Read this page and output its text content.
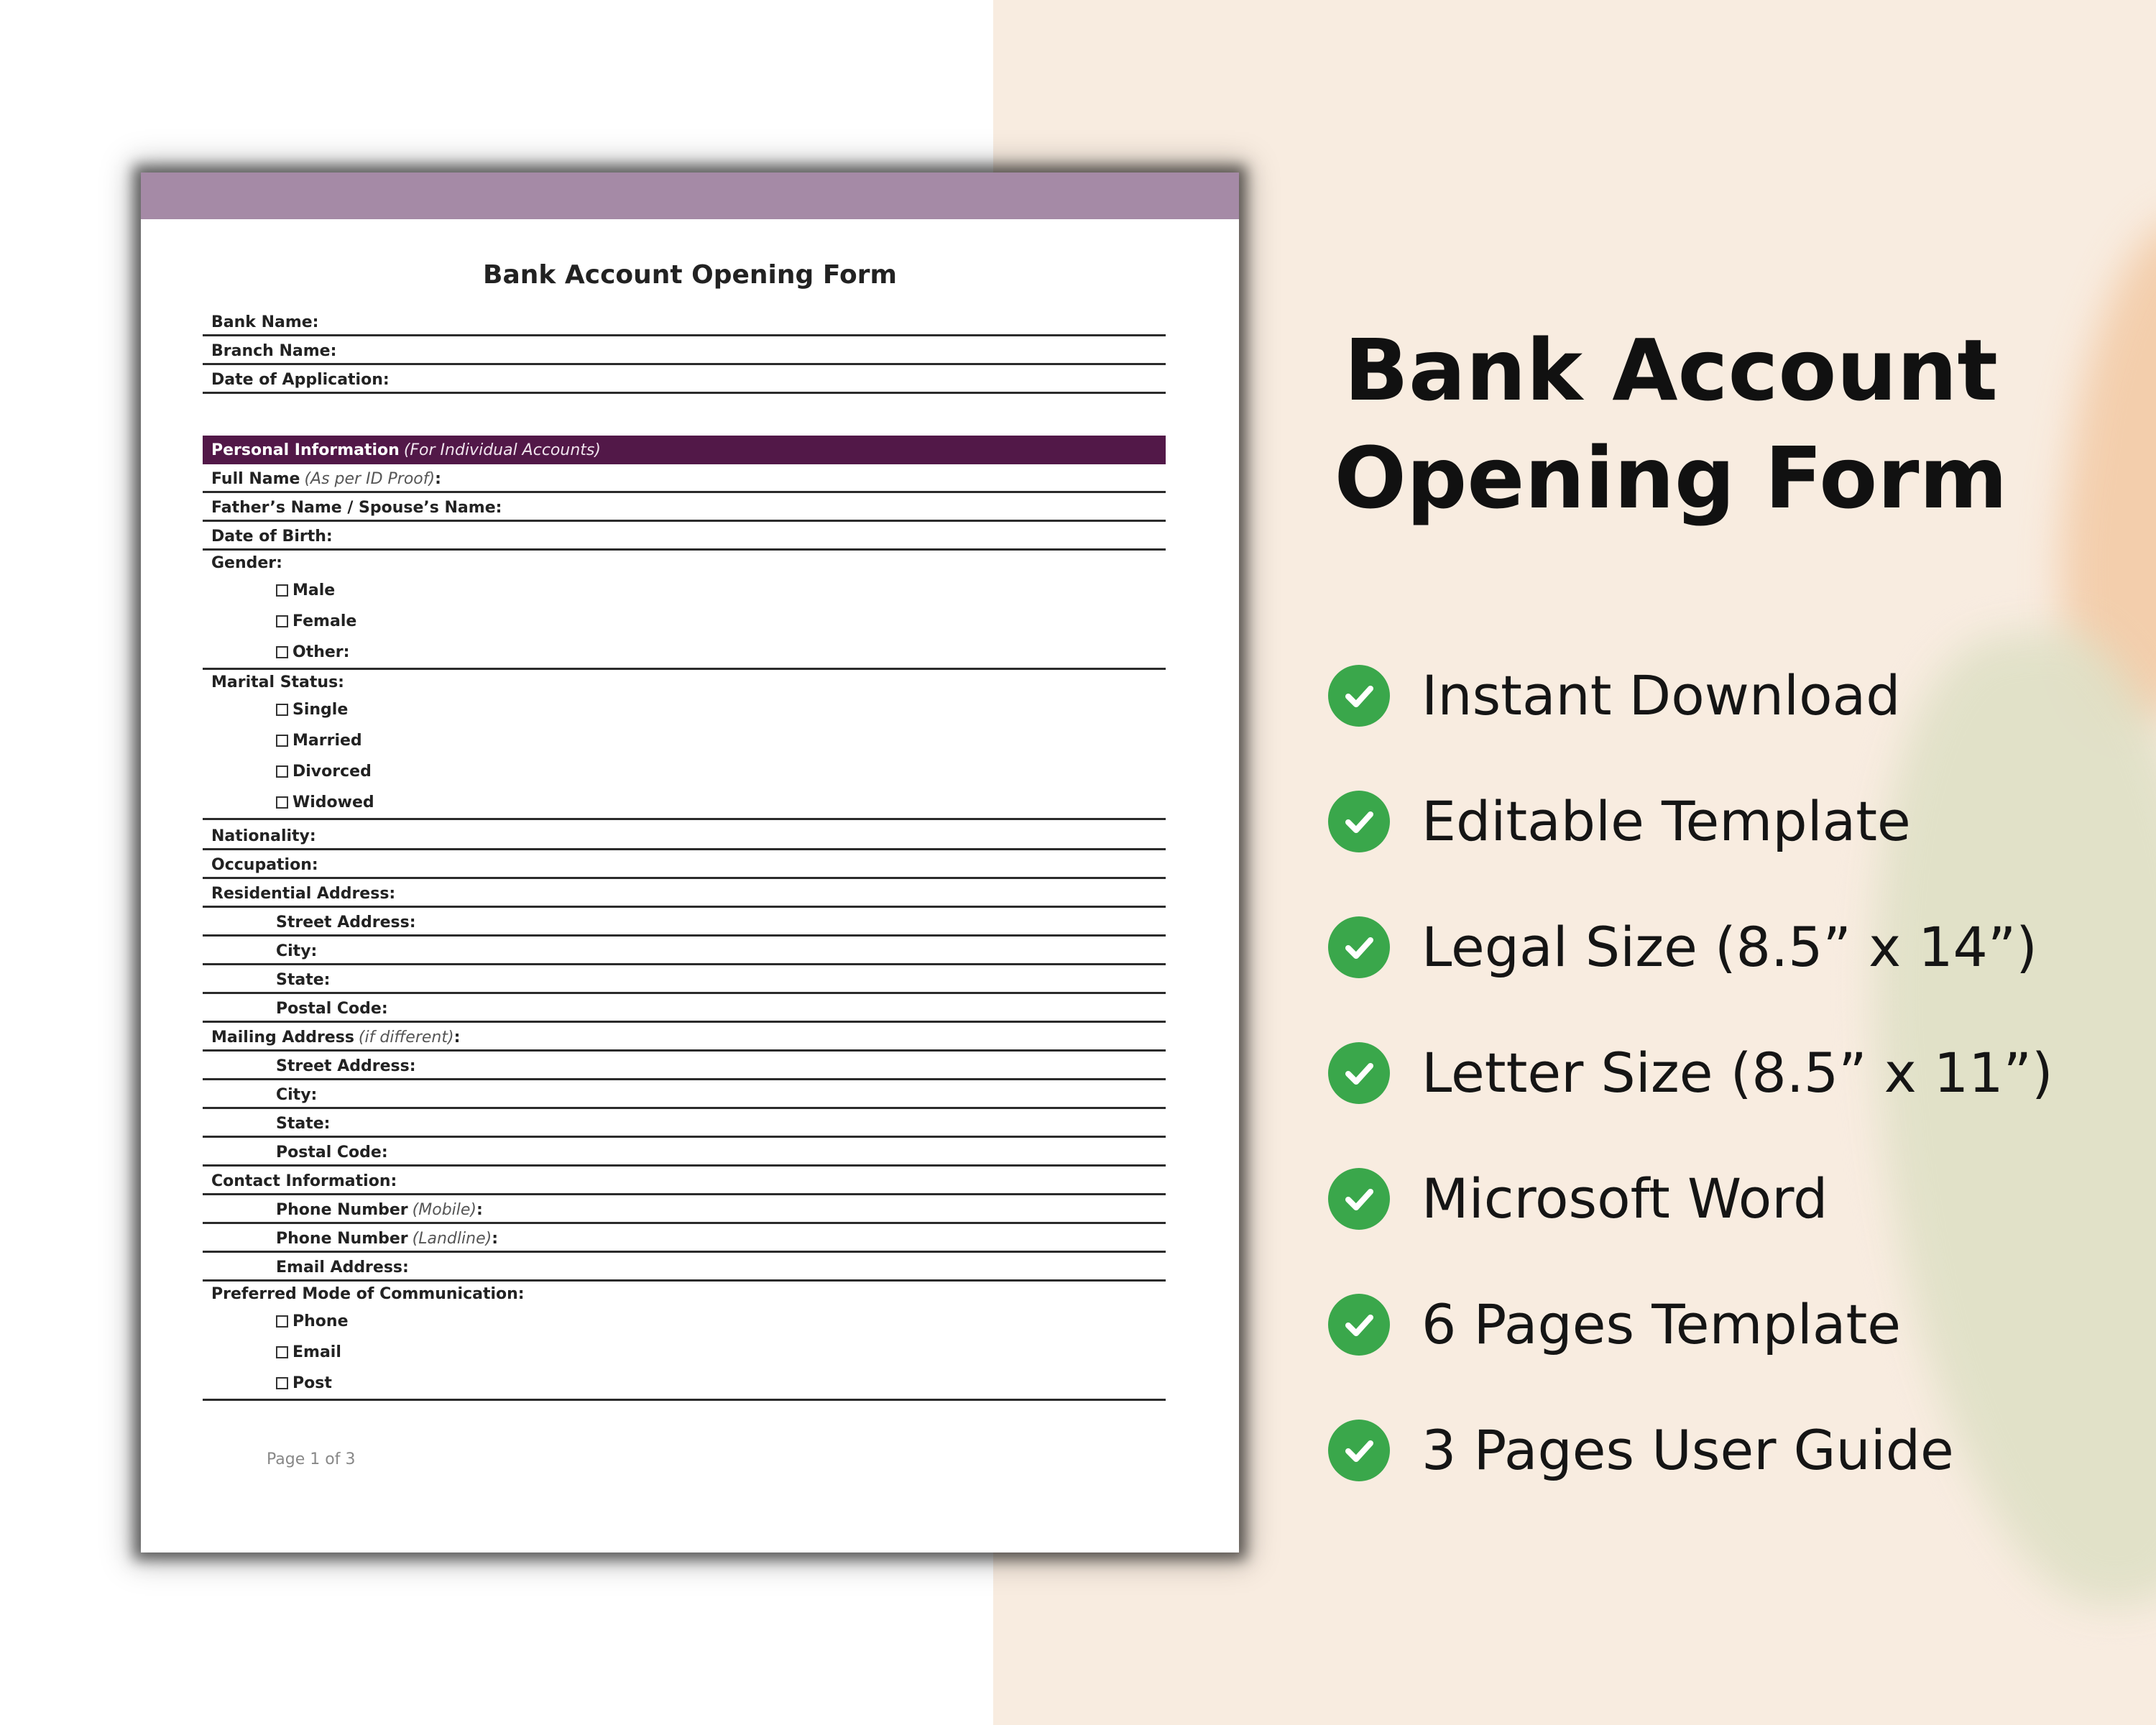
Bank Account Opening Form
Bank Name:
Branch Name:
Date of Application:
Personal Information (For Individual Accounts)
Full Name (As per ID Proof) :
Father’s Name / Spouse’s Name:
Date of Birth:
Gender:
Male
Female
Other:
Marital Status:
Single
Married
Divorced
Widowed
Nationality:
Occupation:
Residential Address:
Street Address:
City:
State:
Postal Code:
Mailing Address (if different) :
Street Address:
City:
State:
Postal Code:
Contact Information:
Phone Number (Mobile) :
Phone Number (Landline) :
Email Address:
Preferred Mode of Communication:
Phone
Email
Post
Page 1 of 3
Bank Account
Opening Form
Instant Download
Editable Template
Legal Size (8.5” x 14”)
Letter Size (8.5” x 11”)
Microsoft Word
6 Pages Template
3 Pages User Guide
